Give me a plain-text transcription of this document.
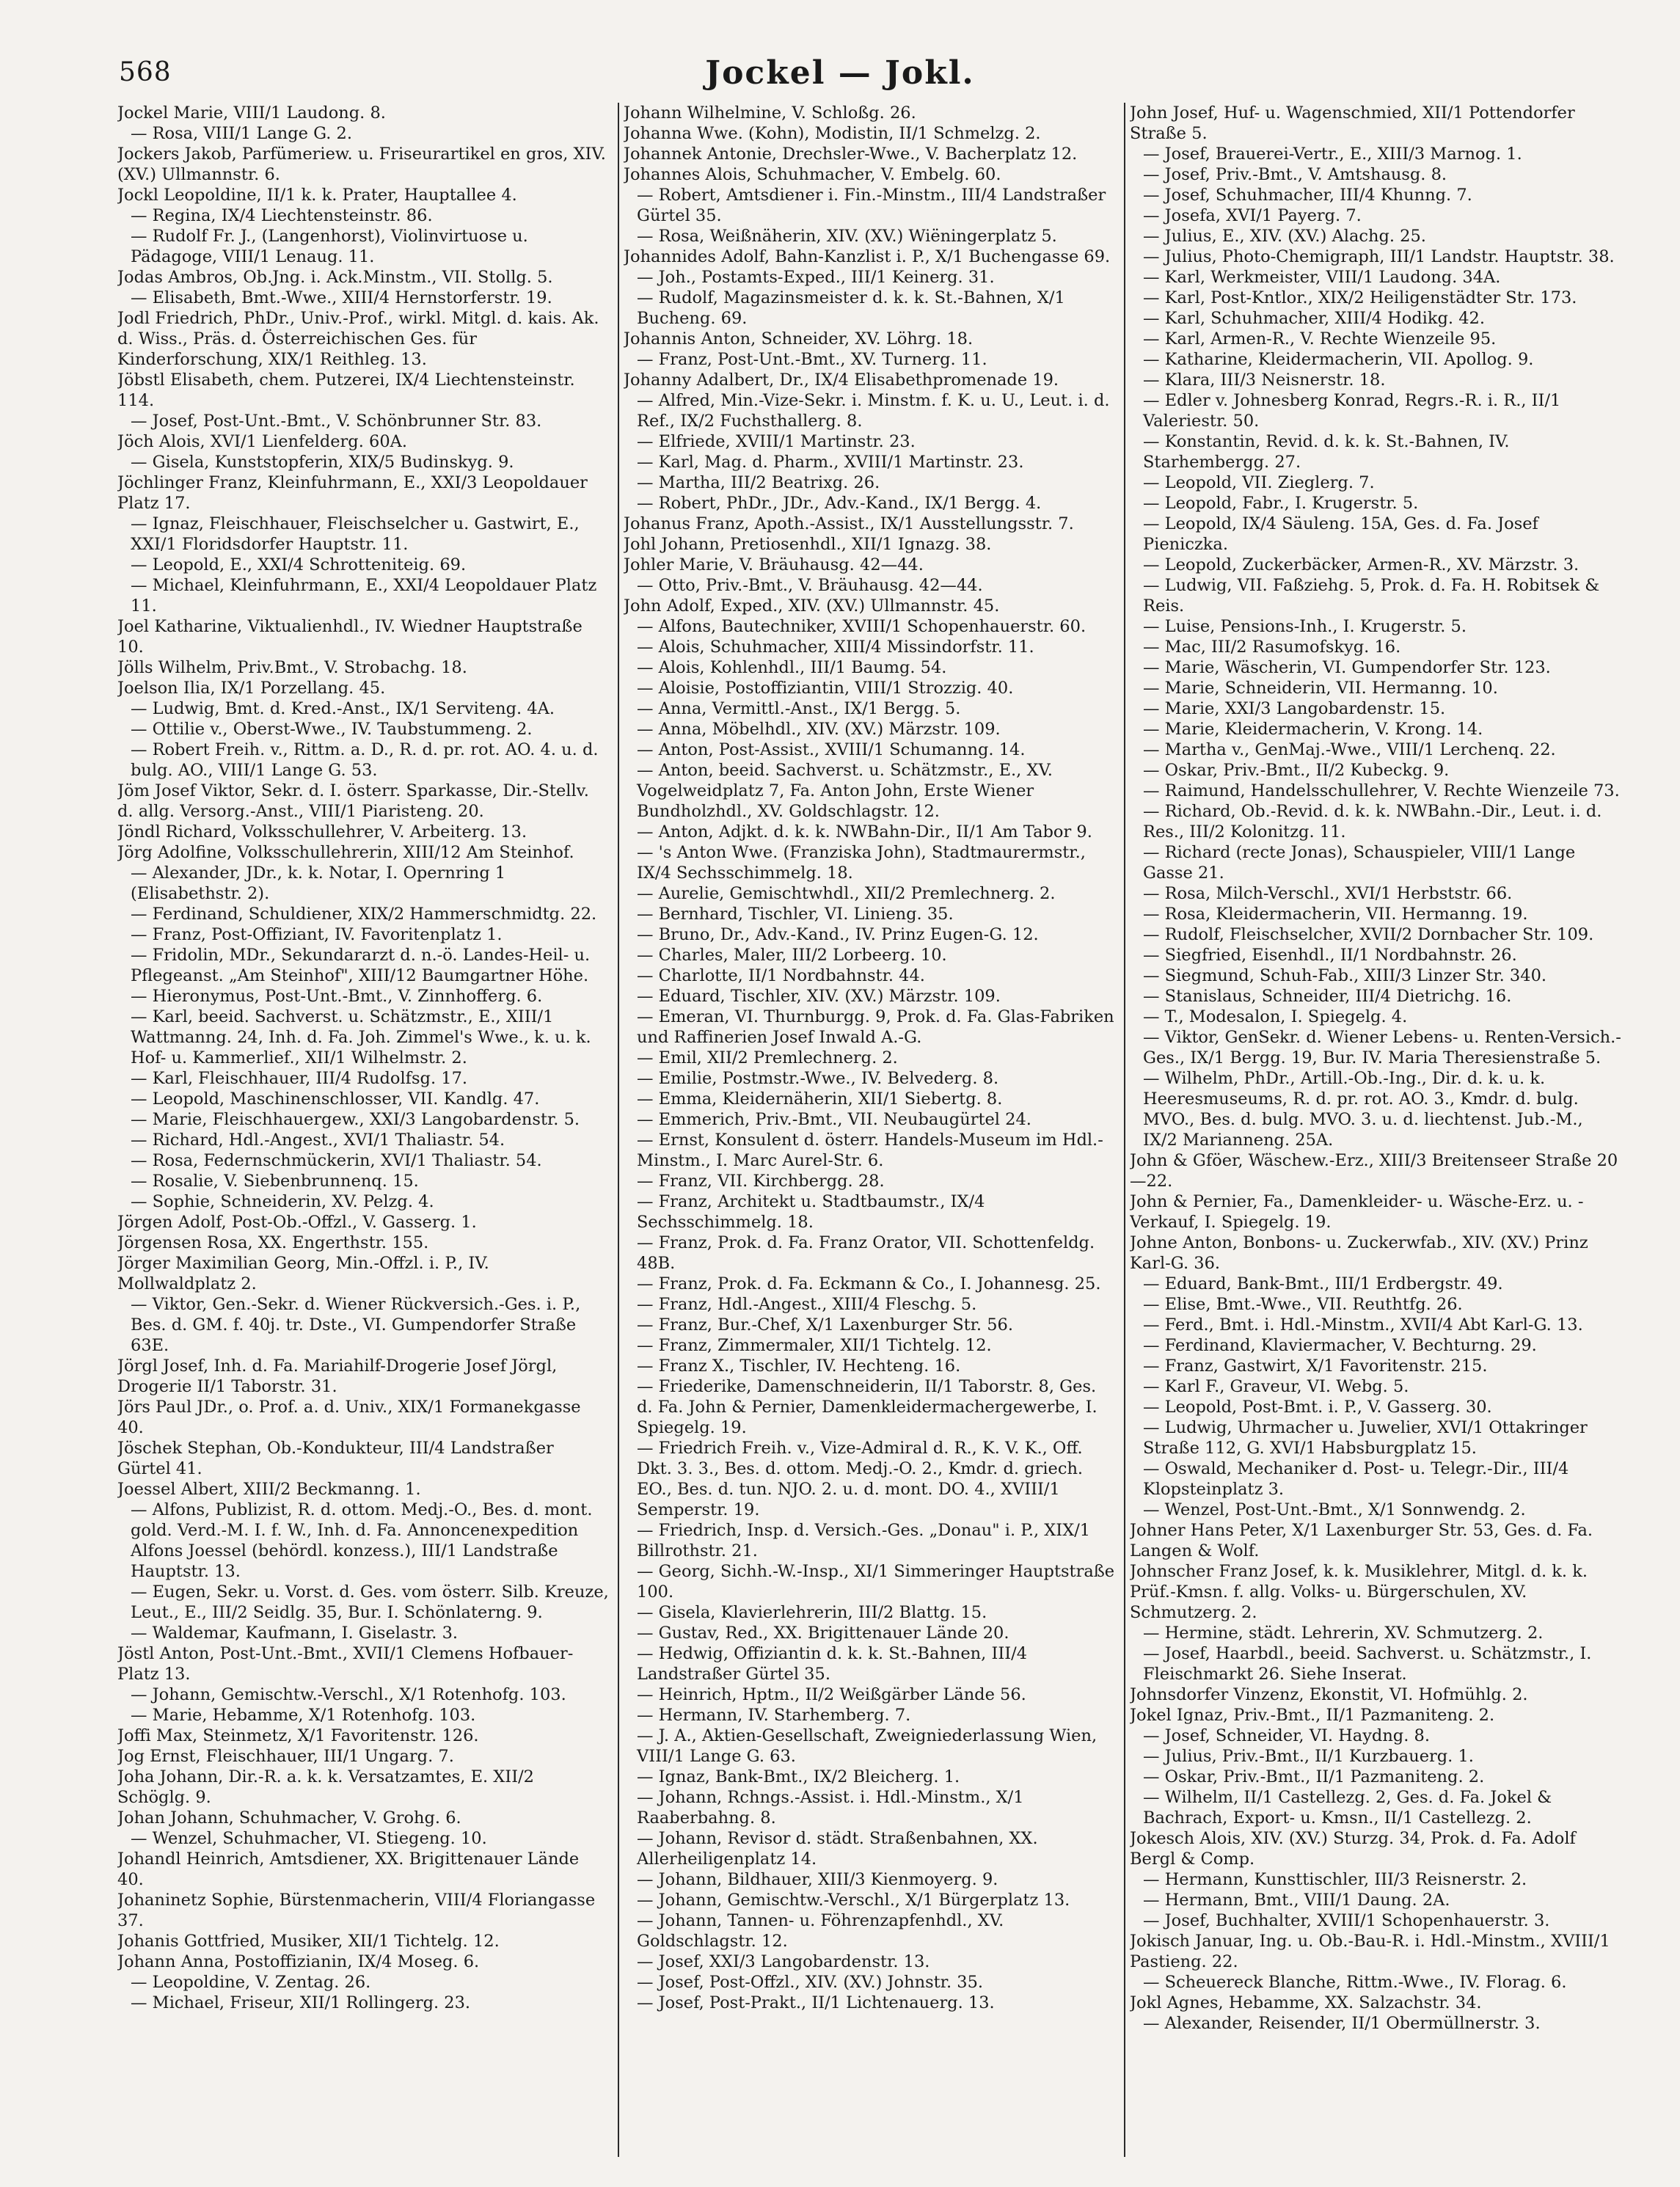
568	Jockel — Jokl.

Jockel Marie, VIII/1 Laudong. 8.

— Rosa, VIII/1 Lange G. 2.

Jockers Jakob, Parfümeriew. u. Friseurartikel en gros, XIV. (XV.) Ullmannstr. 6.

Jockl Leopoldine, II/1 k. k. Prater, Hauptallee 4.

— Regina, IX/4 Liechtensteinstr. 86.

— Rudolf Fr. J., (Langenhorst), Violinvirtuose u. Pädagoge, VIII/1 Lenaug. 11.

Jodas Ambros, Ob.Jng. i. Ack.Minstm., VII. Stollg. 5.

— Elisabeth, Bmt.-Wwe., XIII/4 Hernstorferstr. 19.

Jodl Friedrich, PhDr., Univ.-Prof., wirkl. Mitgl. d. kais. Ak. d. Wiss., Präs. d. Österreichischen Ges. für Kinderforschung, XIX/1 Reithleg. 13.

Jöbstl Elisabeth, chem. Putzerei, IX/4 Liechtensteinstr. 114.

— Josef, Post-Unt.-Bmt., V. Schönbrunner Str. 83.

Jöch Alois, XVI/1 Lienfelderg. 60A.

— Gisela, Kunststopferin, XIX/5 Budinskyg. 9.

Jöchlinger Franz, Kleinfuhrmann, E., XXI/3 Leopoldauer Platz 17.

— Ignaz, Fleischhauer, Fleischselcher u. Gastwirt, E., XXI/1 Floridsdorfer Hauptstr. 11.

— Leopold, E., XXI/4 Schrotteniteig. 69.

— Michael, Kleinfuhrmann, E., XXI/4 Leopoldauer Platz 11.

Joel Katharine, Viktualienhdl., IV. Wiedner Hauptstraße 10.

Jölls Wilhelm, Priv.Bmt., V. Strobachg. 18.

Joelson Ilia, IX/1 Porzellang. 45.

— Ludwig, Bmt. d. Kred.-Anst., IX/1 Serviteng. 4A.

— Ottilie v., Oberst-Wwe., IV. Taubstummeng. 2.

— Robert Freih. v., Rittm. a. D., R. d. pr. rot. AO. 4. u. d. bulg. AO., VIII/1 Lange G. 53.

Jöm Josef Viktor, Sekr. d. I. österr. Sparkasse, Dir.-Stellv. d. allg. Versorg.-Anst., VIII/1 Piaristeng. 20.

Jöndl Richard, Volksschullehrer, V. Arbeiterg. 13.

Jörg Adolfine, Volksschullehrerin, XIII/12 Am Steinhof.

— Alexander, JDr., k. k. Notar, I. Opernring 1 (Elisabethstr. 2).

— Ferdinand, Schuldiener, XIX/2 Hammerschmidtg. 22.

— Franz, Post-Offiziant, IV. Favoritenplatz 1.

— Fridolin, MDr., Sekundararzt d. n.-ö. Landes-Heil- u. Pflegeanst. „Am Steinhof", XIII/12 Baumgartner Höhe.

— Hieronymus, Post-Unt.-Bmt., V. Zinnhofferg. 6.

— Karl, beeid. Sachverst. u. Schätzmstr., E., XIII/1 Wattmanng. 24, Inh. d. Fa. Joh. Zimmel's Wwe., k. u. k. Hof- u. Kammerlief., XII/1 Wilhelmstr. 2.

— Karl, Fleischhauer, III/4 Rudolfsg. 17.

— Leopold, Maschinenschlosser, VII. Kandlg. 47.

— Marie, Fleischhauergew., XXI/3 Langobardenstr. 5.

— Richard, Hdl.-Angest., XVI/1 Thaliastr. 54.

— Rosa, Federnschmückerin, XVI/1 Thaliastr. 54.

— Rosalie, V. Siebenbrunnenq. 15.

— Sophie, Schneiderin, XV. Pelzg. 4.

Jörgen Adolf, Post-Ob.-Offzl., V. Gasserg. 1.

Jörgensen Rosa, XX. Engerthstr. 155.

Jörger Maximilian Georg, Min.-Offzl. i. P., IV. Mollwaldplatz 2.

— Viktor, Gen.-Sekr. d. Wiener Rückversich.-Ges. i. P., Bes. d. GM. f. 40j. tr. Dste., VI. Gumpendorfer Straße 63E.

Jörgl Josef, Inh. d. Fa. Mariahilf-Drogerie Josef Jörgl, Drogerie II/1 Taborstr. 31.

Jörs Paul JDr., o. Prof. a. d. Univ., XIX/1 Formanekgasse 40.

Jöschek Stephan, Ob.-Kondukteur, III/4 Landstraßer Gürtel 41.

Joessel Albert, XIII/2 Beckmanng. 1.

— Alfons, Publizist, R. d. ottom. Medj.-O., Bes. d. mont. gold. Verd.-M. I. f. W., Inh. d. Fa. Annoncenexpedition Alfons Joessel (behördl. konzess.), III/1 Landstraße Hauptstr. 13.

— Eugen, Sekr. u. Vorst. d. Ges. vom österr. Silb. Kreuze, Leut., E., III/2 Seidlg. 35, Bur. I. Schönlaterng. 9.

— Waldemar, Kaufmann, I. Giselastr. 3.

Jöstl Anton, Post-Unt.-Bmt., XVII/1 Clemens Hofbauer-Platz 13.

— Johann, Gemischtw.-Verschl., X/1 Rotenhofg. 103.

— Marie, Hebamme, X/1 Rotenhofg. 103.

Joffi Max, Steinmetz, X/1 Favoritenstr. 126.

Jog Ernst, Fleischhauer, III/1 Ungarg. 7.

Joha Johann, Dir.-R. a. k. k. Versatzamtes, E. XII/2 Schöglg. 9.

Johan Johann, Schuhmacher, V. Grohg. 6.

— Wenzel, Schuhmacher, VI. Stiegeng. 10.

Johandl Heinrich, Amtsdiener, XX. Brigittenauer Lände 40.

Johaninetz Sophie, Bürstenmacherin, VIII/4 Floriangasse 37.

Johanis Gottfried, Musiker, XII/1 Tichtelg. 12.

Johann Anna, Postoffizianin, IX/4 Moseg. 6.

— Leopoldine, V. Zentag. 26.

— Michael, Friseur, XII/1 Rollingerg. 23.

Johann Wilhelmine, V. Schloßg. 26.

Johanna Wwe. (Kohn), Modistin, II/1 Schmelzg. 2.

Johannek Antonie, Drechsler-Wwe., V. Bacherplatz 12.

Johannes Alois, Schuhmacher, V. Embelg. 60.

— Robert, Amtsdiener i. Fin.-Minstm., III/4 Landstraßer Gürtel 35.

— Rosa, Weißnäherin, XIV. (XV.) Wiëningerplatz 5.

Johannides Adolf, Bahn-Kanzlist i. P., X/1 Buchengasse 69.

— Joh., Postamts-Exped., III/1 Keinerg. 31.

— Rudolf, Magazinsmeister d. k. k. St.-Bahnen, X/1 Bucheng. 69.

Johannis Anton, Schneider, XV. Löhrg. 18.

— Franz, Post-Unt.-Bmt., XV. Turnerg. 11.

Johanny Adalbert, Dr., IX/4 Elisabethpromenade 19.

— Alfred, Min.-Vize-Sekr. i. Minstm. f. K. u. U., Leut. i. d. Ref., IX/2 Fuchsthallerg. 8.

— Elfriede, XVIII/1 Martinstr. 23.

— Karl, Mag. d. Pharm., XVIII/1 Martinstr. 23.

— Martha, III/2 Beatrixg. 26.

— Robert, PhDr., JDr., Adv.-Kand., IX/1 Bergg. 4.

Johanus Franz, Apoth.-Assist., IX/1 Ausstellungsstr. 7.

Johl Johann, Pretiosenhdl., XII/1 Ignazg. 38.

Johler Marie, V. Bräuhausg. 42—44.

— Otto, Priv.-Bmt., V. Bräuhausg. 42—44.

John Adolf, Exped., XIV. (XV.) Ullmannstr. 45.

— Alfons, Bautechniker, XVIII/1 Schopenhauerstr. 60.

— Alois, Schuhmacher, XIII/4 Missindorfstr. 11.

— Alois, Kohlenhdl., III/1 Baumg. 54.

— Aloisie, Postoffiziantin, VIII/1 Strozzig. 40.

— Anna, Vermittl.-Anst., IX/1 Bergg. 5.

— Anna, Möbelhdl., XIV. (XV.) Märzstr. 109.

— Anton, Post-Assist., XVIII/1 Schumanng. 14.

— Anton, beeid. Sachverst. u. Schätzmstr., E., XV. Vogelweidplatz 7, Fa. Anton John, Erste Wiener Bundholzhdl., XV. Goldschlagstr. 12.

— Anton, Adjkt. d. k. k. NWBahn-Dir., II/1 Am Tabor 9.

— 's Anton Wwe. (Franziska John), Stadtmaurermstr., IX/4 Sechsschimmelg. 18.

— Aurelie, Gemischtwhdl., XII/2 Premlechnerg. 2.

— Bernhard, Tischler, VI. Linieng. 35.

— Bruno, Dr., Adv.-Kand., IV. Prinz Eugen-G. 12.

— Charles, Maler, III/2 Lorbeerg. 10.

— Charlotte, II/1 Nordbahnstr. 44.

— Eduard, Tischler, XIV. (XV.) Märzstr. 109.

— Emeran, VI. Thurnburgg. 9, Prok. d. Fa. Glas-Fabriken und Raffinerien Josef Inwald A.-G.

— Emil, XII/2 Premlechnerg. 2.

— Emilie, Postmstr.-Wwe., IV. Belvederg. 8.

— Emma, Kleidernäherin, XII/1 Siebertg. 8.

— Emmerich, Priv.-Bmt., VII. Neubaugürtel 24.

— Ernst, Konsulent d. österr. Handels-Museum im Hdl.-Minstm., I. Marc Aurel-Str. 6.

— Franz, VII. Kirchbergg. 28.

— Franz, Architekt u. Stadtbaumstr., IX/4 Sechsschimmelg. 18.

— Franz, Prok. d. Fa. Franz Orator, VII. Schottenfeldg. 48B.

— Franz, Prok. d. Fa. Eckmann & Co., I. Johannesg. 25.

— Franz, Hdl.-Angest., XIII/4 Fleschg. 5.

— Franz, Bur.-Chef, X/1 Laxenburger Str. 56.

— Franz, Zimmermaler, XII/1 Tichtelg. 12.

— Franz X., Tischler, IV. Hechteng. 16.

— Friederike, Damenschneiderin, II/1 Taborstr. 8, Ges. d. Fa. John & Pernier, Damenkleidermachergewerbe, I. Spiegelg. 19.

— Friedrich Freih. v., Vize-Admiral d. R., K. V. K., Off. Dkt. 3. 3., Bes. d. ottom. Medj.-O. 2., Kmdr. d. griech. EO., Bes. d. tun. NJO. 2. u. d. mont. DO. 4., XVIII/1 Semperstr. 19.

— Friedrich, Insp. d. Versich.-Ges. „Donau" i. P., XIX/1 Billrothstr. 21.

— Georg, Sichh.-W.-Insp., XI/1 Simmeringer Hauptstraße 100.

— Gisela, Klavierlehrerin, III/2 Blattg. 15.

— Gustav, Red., XX. Brigittenauer Lände 20.

— Hedwig, Offiziantin d. k. k. St.-Bahnen, III/4 Landstraßer Gürtel 35.

— Heinrich, Hptm., II/2 Weißgärber Lände 56.

— Hermann, IV. Starhemberg. 7.

— J. A., Aktien-Gesellschaft, Zweigniederlassung Wien, VIII/1 Lange G. 63.

— Ignaz, Bank-Bmt., IX/2 Bleicherg. 1.

— Johann, Rchngs.-Assist. i. Hdl.-Minstm., X/1 Raaberbahng. 8.

— Johann, Revisor d. städt. Straßenbahnen, XX. Allerheiligenplatz 14.

— Johann, Bildhauer, XIII/3 Kienmoyerg. 9.

— Johann, Gemischtw.-Verschl., X/1 Bürgerplatz 13.

— Johann, Tannen- u. Föhrenzapfenhdl., XV. Goldschlagstr. 12.

— Josef, XXI/3 Langobardenstr. 13.

— Josef, Post-Offzl., XIV. (XV.) Johnstr. 35.

— Josef, Post-Prakt., II/1 Lichtenauerg. 13.

John Josef, Huf- u. Wagenschmied, XII/1 Pottendorfer Straße 5.

— Josef, Brauerei-Vertr., E., XIII/3 Marnog. 1.

— Josef, Priv.-Bmt., V. Amtshausg. 8.

— Josef, Schuhmacher, III/4 Khunng. 7.

— Josefa, XVI/1 Payerg. 7.

— Julius, E., XIV. (XV.) Alachg. 25.

— Julius, Photo-Chemigraph, III/1 Landstr. Hauptstr. 38.

— Karl, Werkmeister, VIII/1 Laudong. 34A.

— Karl, Post-Kntlor., XIX/2 Heiligenstädter Str. 173.

— Karl, Schuhmacher, XIII/4 Hodikg. 42.

— Karl, Armen-R., V. Rechte Wienzeile 95.

— Katharine, Kleidermacherin, VII. Apollog. 9.

— Klara, III/3 Neisnerstr. 18.

— Edler v. Johnesberg Konrad, Regrs.-R. i. R., II/1 Valeriestr. 50.

— Konstantin, Revid. d. k. k. St.-Bahnen, IV. Starhembergg. 27.

— Leopold, VII. Zieglerg. 7.

— Leopold, Fabr., I. Krugerstr. 5.

— Leopold, IX/4 Säuleng. 15A, Ges. d. Fa. Josef Pieniczka.

— Leopold, Zuckerbäcker, Armen-R., XV. Märzstr. 3.

— Ludwig, VII. Faßziehg. 5, Prok. d. Fa. H. Robitsek & Reis.

— Luise, Pensions-Inh., I. Krugerstr. 5.

— Mac, III/2 Rasumofskyg. 16.

— Marie, Wäscherin, VI. Gumpendorfer Str. 123.

— Marie, Schneiderin, VII. Hermanng. 10.

— Marie, XXI/3 Langobardenstr. 15.

— Marie, Kleidermacherin, V. Krong. 14.

— Martha v., GenMaj.-Wwe., VIII/1 Lerchenq. 22.

— Oskar, Priv.-Bmt., II/2 Kubeckg. 9.

— Raimund, Handelsschullehrer, V. Rechte Wienzeile 73.

— Richard, Ob.-Revid. d. k. k. NWBahn.-Dir., Leut. i. d. Res., III/2 Kolonitzg. 11.

— Richard (recte Jonas), Schauspieler, VIII/1 Lange Gasse 21.

— Rosa, Milch-Verschl., XVI/1 Herbststr. 66.

— Rosa, Kleidermacherin, VII. Hermanng. 19.

— Rudolf, Fleischselcher, XVII/2 Dornbacher Str. 109.

— Siegfried, Eisenhdl., II/1 Nordbahnstr. 26.

— Siegmund, Schuh-Fab., XIII/3 Linzer Str. 340.

— Stanislaus, Schneider, III/4 Dietrichg. 16.

— T., Modesalon, I. Spiegelg. 4.

— Viktor, GenSekr. d. Wiener Lebens- u. Renten-Versich.-Ges., IX/1 Bergg. 19, Bur. IV. Maria Theresienstraße 5.

— Wilhelm, PhDr., Artill.-Ob.-Ing., Dir. d. k. u. k. Heeresmuseums, R. d. pr. rot. AO. 3., Kmdr. d. bulg. MVO., Bes. d. bulg. MVO. 3. u. d. liechtenst. Jub.-M., IX/2 Marianneng. 25A.

John & Gföer, Wäschew.-Erz., XIII/3 Breitenseer Straße 20—22.

John & Pernier, Fa., Damenkleider- u. Wäsche-Erz. u. -Verkauf, I. Spiegelg. 19.

Johne Anton, Bonbons- u. Zuckerwfab., XIV. (XV.) Prinz Karl-G. 36.

— Eduard, Bank-Bmt., III/1 Erdbergstr. 49.

— Elise, Bmt.-Wwe., VII. Reuthtfg. 26.

— Ferd., Bmt. i. Hdl.-Minstm., XVII/4 Abt Karl-G. 13.

— Ferdinand, Klaviermacher, V. Bechturng. 29.

— Franz, Gastwirt, X/1 Favoritenstr. 215.

— Karl F., Graveur, VI. Webg. 5.

— Leopold, Post-Bmt. i. P., V. Gasserg. 30.

— Ludwig, Uhrmacher u. Juwelier, XVI/1 Ottakringer Straße 112, G. XVI/1 Habsburgplatz 15.

— Oswald, Mechaniker d. Post- u. Telegr.-Dir., III/4 Klopsteinplatz 3.

— Wenzel, Post-Unt.-Bmt., X/1 Sonnwendg. 2.

Johner Hans Peter, X/1 Laxenburger Str. 53, Ges. d. Fa. Langen & Wolf.

Johnscher Franz Josef, k. k. Musiklehrer, Mitgl. d. k. k. Prüf.-Kmsn. f. allg. Volks- u. Bürgerschulen, XV. Schmutzerg. 2.

— Hermine, städt. Lehrerin, XV. Schmutzerg. 2.

— Josef, Haarbdl., beeid. Sachverst. u. Schätzmstr., I. Fleischmarkt 26. Siehe Inserat.

Johnsdorfer Vinzenz, Ekonstit, VI. Hofmühlg. 2.

Jokel Ignaz, Priv.-Bmt., II/1 Pazmaniteng. 2.

— Josef, Schneider, VI. Haydng. 8.

— Julius, Priv.-Bmt., II/1 Kurzbauerg. 1.

— Oskar, Priv.-Bmt., II/1 Pazmaniteng. 2.

— Wilhelm, II/1 Castellezg. 2, Ges. d. Fa. Jokel & Bachrach, Export- u. Kmsn., II/1 Castellezg. 2.

Jokesch Alois, XIV. (XV.) Sturzg. 34, Prok. d. Fa. Adolf Bergl & Comp.

— Hermann, Kunsttischler, III/3 Reisnerstr. 2.

— Hermann, Bmt., VIII/1 Daung. 2A.

— Josef, Buchhalter, XVIII/1 Schopenhauerstr. 3.

Jokisch Januar, Ing. u. Ob.-Bau-R. i. Hdl.-Minstm., XVIII/1 Pastieng. 22.

— Scheuereck Blanche, Rittm.-Wwe., IV. Florag. 6.

Jokl Agnes, Hebamme, XX. Salzachstr. 34.

— Alexander, Reisender, II/1 Obermüllnerstr. 3.
